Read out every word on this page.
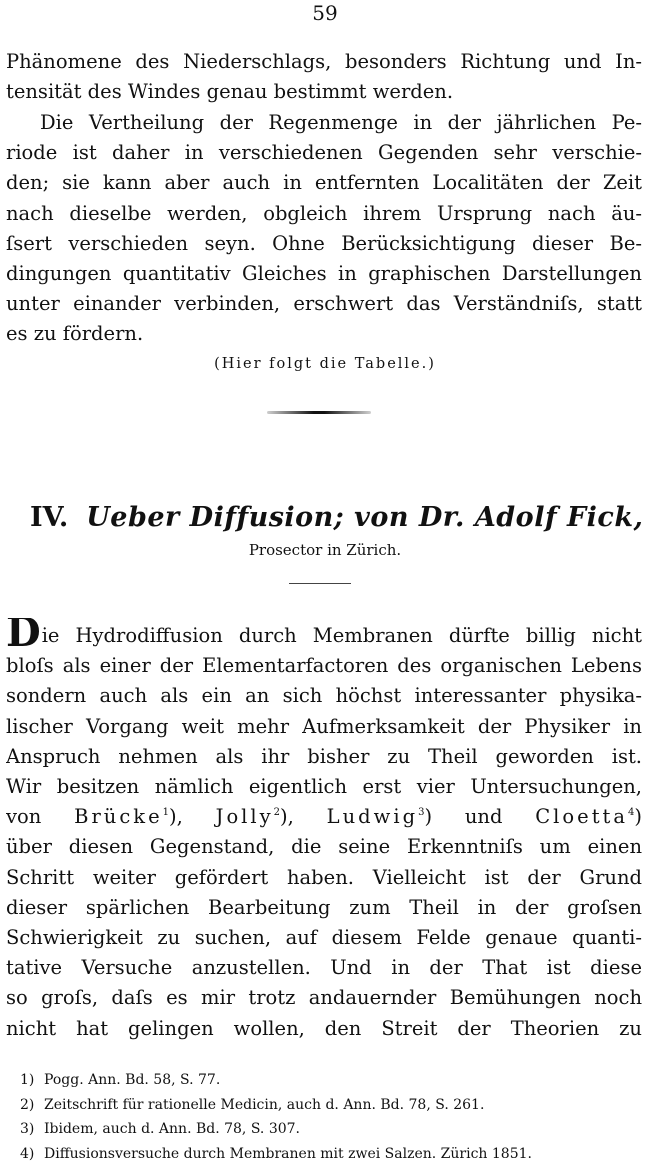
59
Phänomene des Niederschlags, besonders Richtung und In-
tensität des Windes genau bestimmt werden.
Die Vertheilung der Regenmenge in der jährlichen Pe-
riode ist daher in verschiedenen Gegenden sehr verschie-
den; sie kann aber auch in entfernten Localitäten der Zeit
nach dieselbe werden, obgleich ihrem Ursprung nach äu-
ſsert verschieden seyn. Ohne Berücksichtigung dieser Be-
dingungen quantitativ Gleiches in graphischen Darstellungen
unter einander verbinden, erschwert das Verständniſs, statt
es zu fördern.
(Hier folgt die Tabelle.)
IV. Ueber Diffusion; von Dr. Adolf Fick,
Prosector in Zürich.
Die Hydrodiffusion durch Membranen dürfte billig nicht
bloſs als einer der Elementarfactoren des organischen Lebens
sondern auch als ein an sich höchst interessanter physika-
lischer Vorgang weit mehr Aufmerksamkeit der Physiker in
Anspruch nehmen als ihr bisher zu Theil geworden ist.
Wir besitzen nämlich eigentlich erst vier Untersuchungen,
von Brücke$^1$), Jolly$^2$), Ludwig$^3$) und Cloetta$^4$)
über diesen Gegenstand, die seine Erkenntniſs um einen
Schritt weiter gefördert haben. Vielleicht ist der Grund
dieser spärlichen Bearbeitung zum Theil in der groſsen
Schwierigkeit zu suchen, auf diesem Felde genaue quanti-
tative Versuche anzustellen. Und in der That ist diese
so groſs, daſs es mir trotz andauernder Bemühungen noch
nicht hat gelingen wollen, den Streit der Theorien zu
1) Pogg. Ann. Bd. 58, S. 77.
2) Zeitschrift für rationelle Medicin, auch d. Ann. Bd. 78, S. 261.
3) Ibidem, auch d. Ann. Bd. 78, S. 307.
4) Diffusionsversuche durch Membranen mit zwei Salzen. Zürich 1851.
